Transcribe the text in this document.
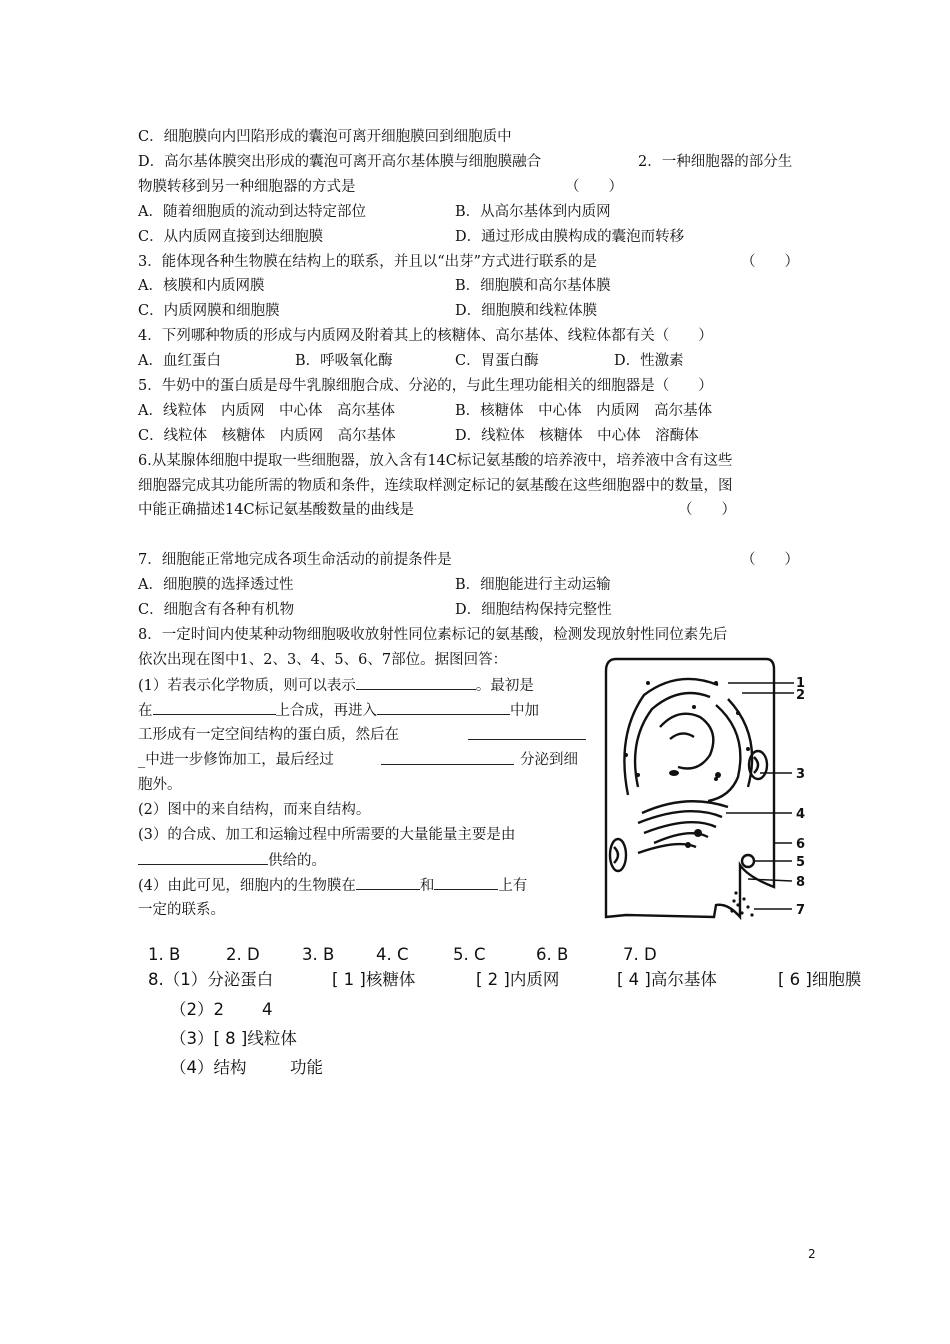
C．细胞膜向内凹陷形成的囊泡可离开细胞膜回到细胞质中
D．高尔基体膜突出形成的囊泡可离开高尔基体膜与细胞膜融合	2．一种细胞器的部分生
物膜转移到另一种细胞器的方式是	（　　）
A．随着细胞质的流动到达特定部位	B．从高尔基体到内质网
C．从内质网直接到达细胞膜	D．通过形成由膜构成的囊泡而转移
3．能体现各种生物膜在结构上的联系，并且以“出芽”方式进行联系的是	（　　）
A．核膜和内质网膜	B．细胞膜和高尔基体膜
C．内质网膜和细胞膜	D．细胞膜和线粒体膜
4．下列哪种物质的形成与内质网及附着其上的核糖体、高尔基体、线粒体都有关（　　）
A．血红蛋白	B．呼吸氧化酶	C．胃蛋白酶	D．性激素
5．牛奶中的蛋白质是母牛乳腺细胞合成、分泌的，与此生理功能相关的细胞器是（　　）
A．线粒体　内质网　中心体　高尔基体	B．核糖体　中心体　内质网　高尔基体
C．线粒体　核糖体　内质网　高尔基体	D．线粒体　核糖体　中心体　溶酶体
6.从某腺体细胞中提取一些细胞器，放入含有14C标记氨基酸的培养液中，培养液中含有这些
细胞器完成其功能所需的物质和条件，连续取样测定标记的氨基酸在这些细胞器中的数量，图
中能正确描述14C标记氨基酸数量的曲线是	（　　）
7．细胞能正常地完成各项生命活动的前提条件是	（　　）
A．细胞膜的选择透过性	B．细胞能进行主动运输
C．细胞含有各种有机物	D．细胞结构保持完整性
8．一定时间内使某种动物细胞吸收放射性同位素标记的氨基酸，检测发现放射性同位素先后
依次出现在图中1、2、3、4、5、6、7部位。据图回答：
(1）若表示化学物质，则可以表示	。最初是
在	上合成，再进入	中加
工形成有一定空间结构的蛋白质，然后在
_中进一步修饰加工，最后经过	分泌到细
胞外。
(2）图中的来自结构，而来自结构。
(3）的合成、加工和运输过程中所需要的大量能量主要是由
供给的。
(4）由此可见，细胞内的生物膜在	和	上有
一定的联系。
1
2
3
4
6
5
8
7
1. B	2. D	3. B	4. C	5. C	6. B	7. D
8.（1）分泌蛋白	[ 1 ]核糖体	[ 2 ]内质网	[ 4 ]高尔基体	[ 6 ]细胞膜
（2）2 4
（3）[ 8 ]线粒体
（4）结构	功能
2
